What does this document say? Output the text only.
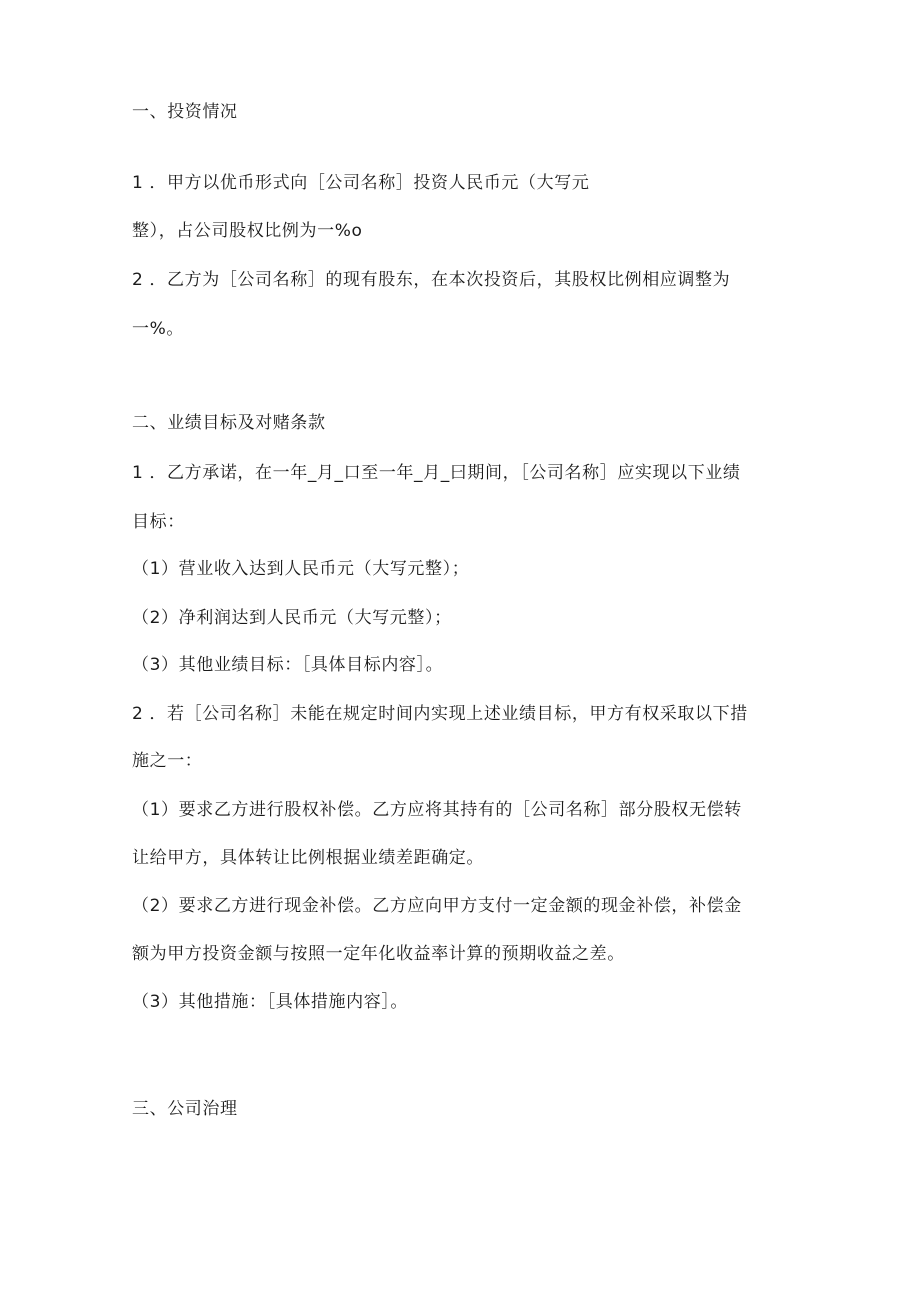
一、投资情况
1 ．甲方以优币形式向［公司名称］投资人民币元（大写元
整），占公司股权比例为一%o
2 ．乙方为［公司名称］的现有股东，在本次投资后，其股权比例相应调整为
一%。
二、业绩目标及对赌条款
1 ．乙方承诺，在一年_月_口至一年_月_曰期间，［公司名称］应实现以下业绩
目标：
（1）营业收入达到人民币元（大写元整）；
（2）净利润达到人民币元（大写元整）；
（3）其他业绩目标：［具体目标内容］。
2 ．若［公司名称］未能在规定时间内实现上述业绩目标，甲方有权采取以下措
施之一：
（1）要求乙方进行股权补偿。乙方应将其持有的［公司名称］部分股权无偿转
让给甲方，具体转让比例根据业绩差距确定。
（2）要求乙方进行现金补偿。乙方应向甲方支付一定金额的现金补偿，补偿金
额为甲方投资金额与按照一定年化收益率计算的预期收益之差。
（3）其他措施：［具体措施内容］。
三、公司治理
